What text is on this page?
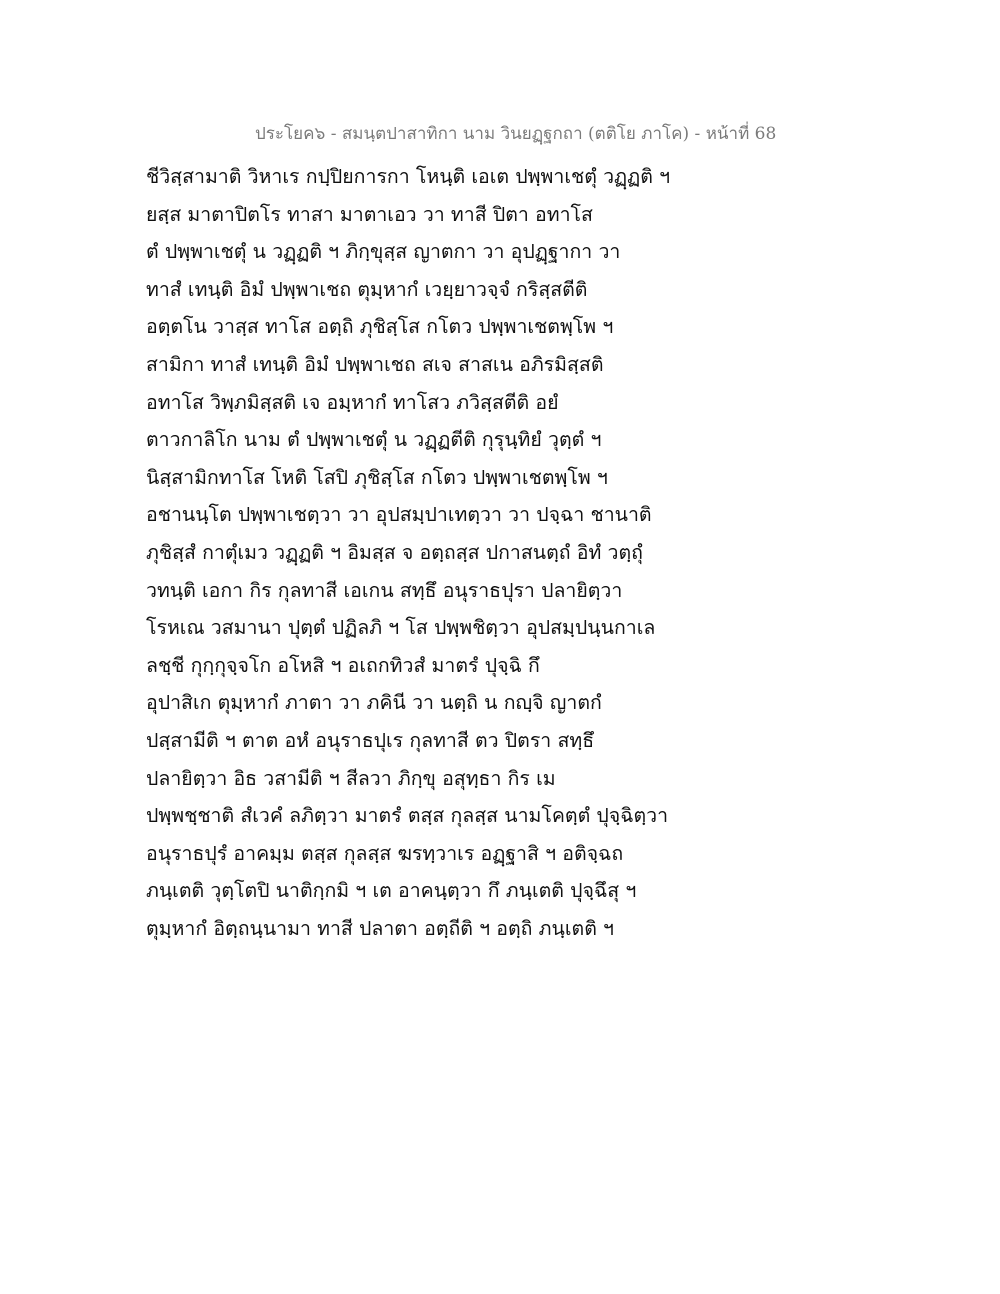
ประโยค๖ - สมนฺตปาสาทิกา นาม วินยฏฺฐกถา (ตติโย ภาโค) - หน้าที่ 68
ชีวิสฺสามาติ วิหาเร กปฺปิยการกา โหนฺติ เอเต ปพฺพาเชตุํ วฏฺฏติ ฯ
ยสฺส มาตาปิตโร ทาสา มาตาเอว วา ทาสี ปิตา อทาโส
ตํ ปพฺพาเชตุํ น วฏฺฏติ ฯ ภิกฺขุสฺส ญาตกา วา อุปฏฺฐากา วา
ทาสํ เทนฺติ อิมํ ปพฺพาเชถ ตุมฺหากํ เวยฺยาวจฺจํ กริสฺสตีติ
อตฺตโน วาสฺส ทาโส อตฺถิ ภุชิสฺโส กโตว ปพฺพาเชตพฺโพ ฯ
สามิกา ทาสํ เทนฺติ อิมํ ปพฺพาเชถ สเจ สาสเน อภิรมิสฺสติ
อทาโส วิพฺภมิสฺสติ เจ อมฺหากํ ทาโสว ภวิสฺสตีติ อยํ
ตาวกาลิโก นาม ตํ ปพฺพาเชตุํ น วฏฺฏตีติ กุรุนฺทิยํ วุตฺตํ ฯ
นิสฺสามิกทาโส โหติ โสปิ ภุชิสฺโส กโตว ปพฺพาเชตพฺโพ ฯ
อชานนฺโต ปพฺพาเชตฺวา วา อุปสมฺปาเทตฺวา วา ปจฺฉา ชานาติ
ภุชิสฺสํ กาตุํเมว วฏฺฏติ ฯ อิมสฺส จ อตฺถสฺส ปกาสนตฺถํ อิทํ วตฺถุํ
วทนฺติ เอกา กิร กุลทาสี เอเกน สทฺธึ อนุราธปุรา ปลายิตฺวา
โรหเณ วสมานา ปุตฺตํ ปฏิลภิ ฯ โส ปพฺพชิตฺวา อุปสมฺปนฺนกาเล
ลชฺชี กุกฺกุจฺจโก อโหสิ ฯ อเถกทิวสํ มาตรํ ปุจฺฉิ กึ
อุปาสิเก ตุมฺหากํ ภาตา วา ภคินี วา นตฺถิ น กญฺจิ ญาตกํ
ปสฺสามีติ ฯ ตาต อหํ อนุราธปุเร กุลทาสี ตว ปิตรา สทฺธึ
ปลายิตฺวา อิธ วสามีติ ฯ สีลวา ภิกฺขุ อสุทฺธา กิร เม
ปพฺพชฺชาติ สํเวคํ ลภิตฺวา มาตรํ ตสฺส กุลสฺส นามโคตฺตํ ปุจฺฉิตฺวา
อนุราธปุรํ อาคมฺม ตสฺส กุลสฺส ฆรทฺวาเร อฏฺฐาสิ ฯ อติจฺฉถ
ภนฺเตติ วุตฺโตปิ นาติกฺกมิ ฯ เต อาคนฺตฺวา กึ ภนฺเตติ ปุจฺฉึสุ ฯ
ตุมฺหากํ อิตฺถนฺนามา ทาสี ปลาตา อตฺถีติ ฯ อตฺถิ ภนฺเตติ ฯ
